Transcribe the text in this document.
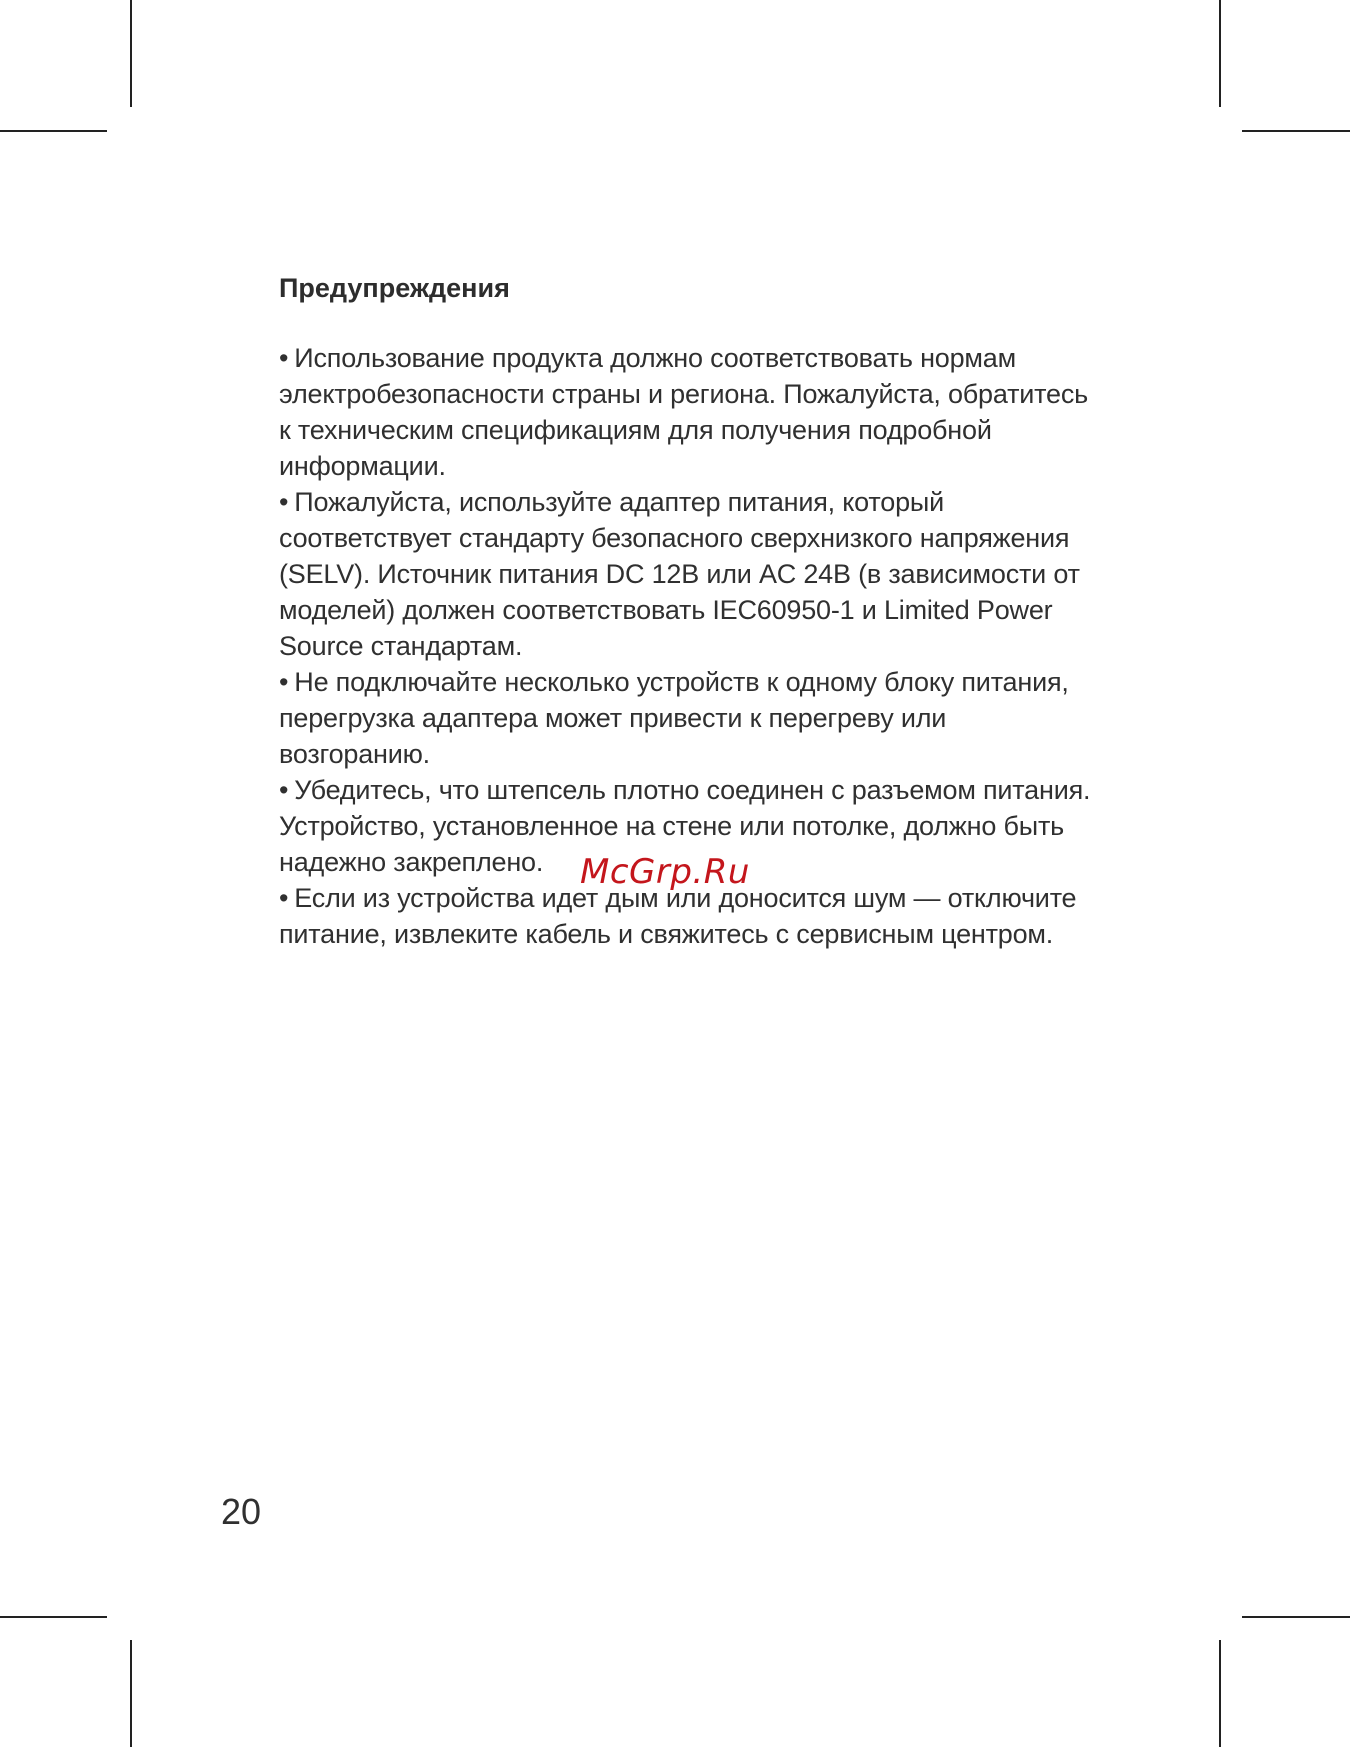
Предупреждения
• Использование продукта должно соответствовать нормам электробезопасности страны и региона. Пожалуйста, обратитесь к техническим спецификациям для получения подробной информации.
• Пожалуйста, используйте адаптер питания, который соответствует стандарту безопасного сверхнизкого напряжения (SELV). Источник питания DC 12В или AC 24В (в зависимости от моделей) должен соответствовать IEC60950-1 и Limited Power Source стандартам.
• Не подключайте несколько устройств к одному блоку питания, перегрузка адаптера может привести к перегреву или возгоранию.
• Убедитесь, что штепсель плотно соединен с разъемом питания. Устройство, установленное на стене или потолке, должно быть надежно закреплено.
• Если из устройства идет дым или доносится шум — отключите питание, извлеките кабель и свяжитесь с сервисным центром.
McGrp.Ru
20
